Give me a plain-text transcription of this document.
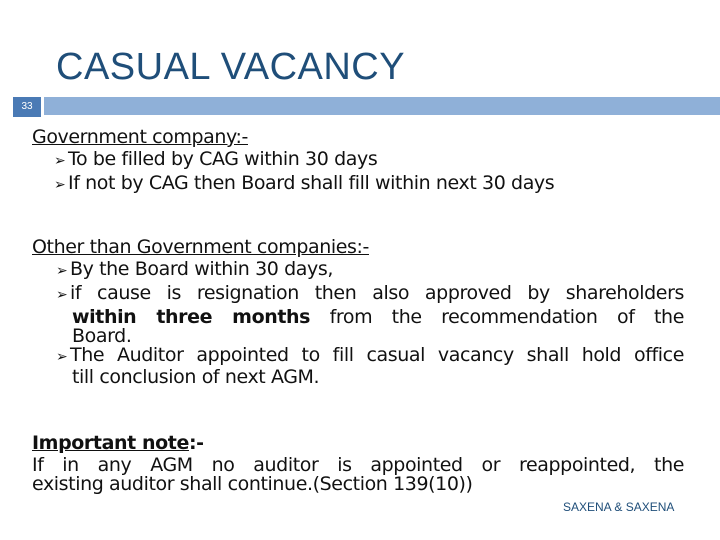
CASUAL VACANCY
33
Government company:-
➢ To be filled by CAG within 30 days
➢ If not by CAG then Board shall fill within next 30 days
Other than Government companies:-
➢ By the Board within 30 days,
➢ if cause is resignation then also approved by shareholders
within three months from the recommendation of the
Board.
➢ The Auditor appointed to fill casual vacancy shall hold office
till conclusion of next AGM.
Important note:-
If in any AGM no auditor is appointed or reappointed, the
existing auditor shall continue.(Section 139(10))
SAXENA & SAXENA
